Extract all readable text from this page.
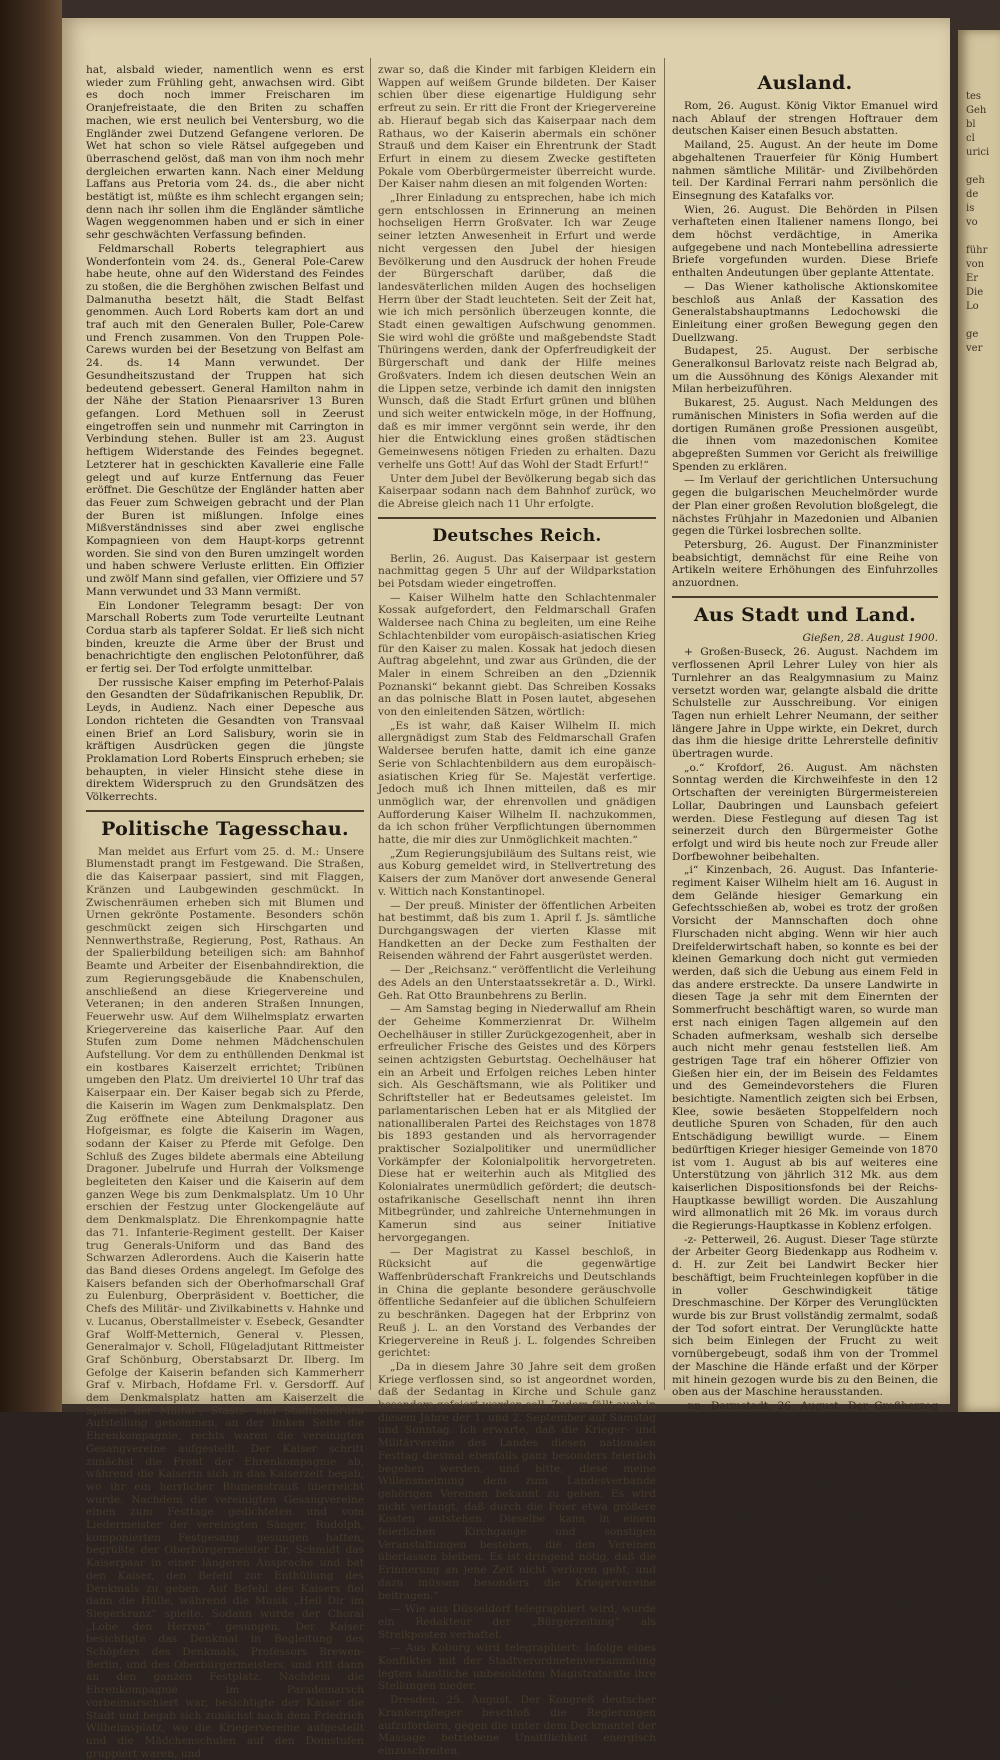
hat, alsbald wieder, namentlich wenn es erst wieder zum Frühling geht, anwachsen wird. Gibt es doch noch immer Freischaren im Oranjefreistaate, die den Briten zu schaffen machen, wie erst neulich bei Ventersburg, wo die Engländer zwei Dutzend Gefangene verloren. De Wet hat schon so viele Rätsel aufgegeben und überraschend gelöst, daß man von ihm noch mehr dergleichen erwarten kann. Nach einer Meldung Laffans aus Pretoria vom 24. ds., die aber nicht bestätigt ist, müßte es ihm schlecht ergangen sein; denn nach ihr sollen ihm die Engländer sämtliche Wagen weggenommen haben und er sich in einer sehr geschwächten Verfassung befinden.

Feldmarschall Roberts telegraphiert aus Wonderfontein vom 24. ds., General Pole-Carew habe heute, ohne auf den Widerstand des Feindes zu stoßen, die die Berghöhen zwischen Belfast und Dalmanutha besetzt hält, die Stadt Belfast genommen. Auch Lord Roberts kam dort an und traf auch mit den Generalen Buller, Pole-Carew und French zusammen. Von den Truppen Pole-Carews wurden bei der Besetzung von Belfast am 24. ds. 14 Mann verwundet. Der Gesundheitszustand der Truppen hat sich bedeutend gebessert. General Hamilton nahm in der Nähe der Station Pienaarsriver 13 Buren gefangen. Lord Methuen soll in Zeerust eingetroffen sein und nunmehr mit Carrington in Verbindung stehen. Buller ist am 23. August heftigem Widerstande des Feindes begegnet. Letzterer hat in geschickten Kavallerie eine Falle gelegt und auf kurze Entfernung das Feuer eröffnet. Die Geschütze der Engländer hatten aber das Feuer zum Schweigen gebracht und der Plan der Buren ist mißlungen. Infolge eines Mißverständnisses sind aber zwei englische Kompagnieen von dem Haupt-korps getrennt worden. Sie sind von den Buren umzingelt worden und haben schwere Verluste erlitten. Ein Offizier und zwölf Mann sind gefallen, vier Offiziere und 57 Mann verwundet und 33 Mann vermißt.

Ein Londoner Telegramm besagt: Der von Marschall Roberts zum Tode verurteilte Leutnant Cordua starb als tapferer Soldat. Er ließ sich nicht binden, kreuzte die Arme über der Brust und benachrichtigte den englischen Pelotonführer, daß er fertig sei. Der Tod erfolgte unmittelbar.

Der russische Kaiser empfing im Peterhof-Palais den Gesandten der Südafrikanischen Republik, Dr. Leyds, in Audienz. Nach einer Depesche aus London richteten die Gesandten von Transvaal einen Brief an Lord Salisbury, worin sie in kräftigen Ausdrücken gegen die jüngste Proklamation Lord Roberts Einspruch erheben; sie behaupten, in vieler Hinsicht stehe diese in direktem Widerspruch zu den Grundsätzen des Völkerrechts.

Politische Tagesschau.

Man meldet aus Erfurt vom 25. d. M.: Unsere Blumenstadt prangt im Festgewand. Die Straßen, die das Kaiserpaar passiert, sind mit Flaggen, Kränzen und Laubgewinden geschmückt. In Zwischenräumen erheben sich mit Blumen und Urnen gekrönte Postamente. Besonders schön geschmückt zeigen sich Hirschgarten und Nennwerthstraße, Regierung, Post, Rathaus. An der Spalierbildung beteiligen sich: am Bahnhof Beamte und Arbeiter der Eisenbahndirektion, die zum Regierungsgebäude die Knabenschulen, anschließend an diese Kriegervereine und Veteranen; in den anderen Straßen Innungen, Feuerwehr usw. Auf dem Wilhelmsplatz erwarten Kriegervereine das kaiserliche Paar. Auf den Stufen zum Dome nehmen Mädchenschulen Aufstellung. Vor dem zu enthüllenden Denkmal ist ein kostbares Kaiserzelt errichtet; Tribünen umgeben den Platz. Um dreiviertel 10 Uhr traf das Kaiserpaar ein. Der Kaiser begab sich zu Pferde, die Kaiserin im Wagen zum Denkmalsplatz. Den Zug eröffnete eine Abteilung Dragoner aus Hofgeismar, es folgte die Kaiserin im Wagen, sodann der Kaiser zu Pferde mit Gefolge. Den Schluß des Zuges bildete abermals eine Abteilung Dragoner. Jubelrufe und Hurrah der Volksmenge begleiteten den Kaiser und die Kaiserin auf dem ganzen Wege bis zum Denkmalsplatz. Um 10 Uhr erschien der Festzug unter Glockengeläute auf dem Denkmalsplatz. Die Ehrenkompagnie hatte das 71. Infanterie-Regiment gestellt. Der Kaiser trug Generals-Uniform und das Band des Schwarzen Adlerordens. Auch die Kaiserin hatte das Band dieses Ordens angelegt. Im Gefolge des Kaisers befanden sich der Oberhofmarschall Graf zu Eulenburg, Oberpräsident v. Boetticher, die Chefs des Militär- und Zivilkabinetts v. Hahnke und v. Lucanus, Oberstallmeister v. Esebeck, Gesandter Graf Wolff-Metternich, General v. Plessen, Generalmajor v. Scholl, Flügeladjutant Rittmeister Graf Schönburg, Oberstabsarzt Dr. Ilberg. Im Gefolge der Kaiserin befanden sich Kammerherr Graf v. Mirbach, Hofdame Frl. v. Gersdorff. Auf dem Denkmalsplatz hatten am Kaiserzelt die Spitzen der Militär-, Staats- und Stadtbehörden Aufstellung genommen, an der linken Seite die Ehrenkompagnie, rechts waren die vereinigten Gesangvereine aufgestellt. Der Kaiser schritt zunächst die Front der Ehrenkompagnie ab, während die Kaiserin sich in das Kaiserzelt begab, wo ihr ein herrlicher Blumenstrauß überreicht wurde. Nachdem die vereinigten Gesangvereine einen zum Festtage gedichteten und vom Liedermeister der vereinigten Sänger, Rudolph, komponierten Festgesang gesungen hatten, begrüßte der Oberbürgermeister Dr. Schmidt das Kaiserpaar in einer längeren Ansprache und bat den Kaiser, den Befehl zur Enthüllung des Denkmals zu geben. Auf Befehl des Kaisers fiel dann die Hülle, während die Musik „Heil Dir im Siegerkranz“ spielte. Sodann wurde der Choral „Lobe den Herren“ gesungen. Der Kaiser besichtigte das Denkmal in Begleitung des Schöpfers des Denkmals, Professors Brewen-Berlin, und des Oberbürgermeisters, und ritt dann an den ganzen Festplatz. Nachdem die Ehrenkompagnie im Parademarsch vorbeimarschiert war, besichtigte der Kaiser die Stadt und begab sich zunächst nach dem Friedrich Wilhelmsplatz, wo die Kriegervereine aufgestellt und die Mädchenschulen auf den Domstufen gruppiert waren, und

zwar so, daß die Kinder mit farbigen Kleidern ein Wappen auf weißem Grunde bildeten. Der Kaiser schien über diese eigenartige Huldigung sehr erfreut zu sein. Er ritt die Front der Kriegervereine ab. Hierauf begab sich das Kaiserpaar nach dem Rathaus, wo der Kaiserin abermals ein schöner Strauß und dem Kaiser ein Ehrentrunk der Stadt Erfurt in einem zu diesem Zwecke gestifteten Pokale vom Oberbürgermeister überreicht wurde. Der Kaiser nahm diesen an mit folgenden Worten:

„Ihrer Einladung zu entsprechen, habe ich mich gern entschlossen in Erinnerung an meinen hochseligen Herrn Großvater. Ich war Zeuge seiner letzten Anwesenheit in Erfurt und werde nicht vergessen den Jubel der hiesigen Bevölkerung und den Ausdruck der hohen Freude der Bürgerschaft darüber, daß die landesväterlichen milden Augen des hochseligen Herrn über der Stadt leuchteten. Seit der Zeit hat, wie ich mich persönlich überzeugen konnte, die Stadt einen gewaltigen Aufschwung genommen. Sie wird wohl die größte und maßgebendste Stadt Thüringens werden, dank der Opferfreudigkeit der Bürgerschaft und dank der Hilfe meines Großvaters. Indem ich diesen deutschen Wein an die Lippen setze, verbinde ich damit den innigsten Wunsch, daß die Stadt Erfurt grünen und blühen und sich weiter entwickeln möge, in der Hoffnung, daß es mir immer vergönnt sein werde, ihr den hier die Entwicklung eines großen städtischen Gemeinwesens nötigen Frieden zu erhalten. Dazu verhelfe uns Gott! Auf das Wohl der Stadt Erfurt!“

Unter dem Jubel der Bevölkerung begab sich das Kaiserpaar sodann nach dem Bahnhof zurück, wo die Abreise gleich nach 11 Uhr erfolgte.

Deutsches Reich.

Berlin, 26. August. Das Kaiserpaar ist gestern nachmittag gegen 5 Uhr auf der Wildparkstation bei Potsdam wieder eingetroffen.

— Kaiser Wilhelm hatte den Schlachtenmaler Kossak aufgefordert, den Feldmarschall Grafen Waldersee nach China zu begleiten, um eine Reihe Schlachtenbilder vom europäisch-asiatischen Krieg für den Kaiser zu malen. Kossak hat jedoch diesen Auftrag abgelehnt, und zwar aus Gründen, die der Maler in einem Schreiben an den „Dziennik Poznanski“ bekannt giebt. Das Schreiben Kossaks an das polnische Blatt in Posen lautet, abgesehen von den einleitenden Sätzen, wörtlich:

„Es ist wahr, daß Kaiser Wilhelm II. mich allergnädigst zum Stab des Feldmarschall Grafen Waldersee berufen hatte, damit ich eine ganze Serie von Schlachtenbildern aus dem europäisch-asiatischen Krieg für Se. Majestät verfertige. Jedoch muß ich Ihnen mitteilen, daß es mir unmöglich war, der ehrenvollen und gnädigen Aufforderung Kaiser Wilhelm II. nachzukommen, da ich schon früher Verpflichtungen übernommen hatte, die mir dies zur Unmöglichkeit machten.“

„Zum Regierungsjubiläum des Sultans reist, wie aus Koburg gemeldet wird, in Stellvertretung des Kaisers der zum Manöver dort anwesende General v. Wittich nach Konstantinopel.

— Der preuß. Minister der öffentlichen Arbeiten hat bestimmt, daß bis zum 1. April f. Js. sämtliche Durchgangswagen der vierten Klasse mit Handketten an der Decke zum Festhalten der Reisenden während der Fahrt ausgerüstet werden.

— Der „Reichsanz.“ veröffentlicht die Verleihung des Adels an den Unterstaatssekretär a. D., Wirkl. Geh. Rat Otto Braunbehrens zu Berlin.

— Am Samstag beging in Niederwalluf am Rhein der Geheime Kommerzienrat Dr. Wilhelm Oechelhäuser in stiller Zurückgezogenheit, aber in erfreulicher Frische des Geistes und des Körpers seinen achtzigsten Geburtstag. Oechelhäuser hat ein an Arbeit und Erfolgen reiches Leben hinter sich. Als Geschäftsmann, wie als Politiker und Schriftsteller hat er Bedeutsames geleistet. Im parlamentarischen Leben hat er als Mitglied der nationalliberalen Partei des Reichstages von 1878 bis 1893 gestanden und als hervorragender praktischer Sozialpolitiker und unermüdlicher Vorkämpfer der Kolonialpolitik hervorgetreten. Diese hat er weiterhin auch als Mitglied des Kolonialrates unermüdlich gefördert; die deutsch-ostafrikanische Gesellschaft nennt ihn ihren Mitbegründer, und zahlreiche Unternehmungen in Kamerun sind aus seiner Initiative hervorgegangen.

— Der Magistrat zu Kassel beschloß, in Rücksicht auf die gegenwärtige Waffenbrüderschaft Frankreichs und Deutschlands in China die geplante besondere geräuschvolle öffentliche Sedanfeier auf die üblichen Schulfeiern zu beschränken. Dagegen hat der Erbprinz von Reuß j. L. an den Vorstand des Verbandes der Kriegervereine in Reuß j. L. folgendes Schreiben gerichtet:

„Da in diesem Jahre 30 Jahre seit dem großen Kriege verflossen sind, so ist angeordnet worden, daß der Sedantag in Kirche und Schule ganz besonders gefeiert werden soll. Zudem fällt auch in diesem Jahre der 1. und 2. September auf Samstag und Sonntag. Ich erwarte, daß die Krieger- und Militärvereine des Landes diesen nationalen Festtag diesmal ebenfalls ganz besonders feierlich begehen werden, und bitte, diese meine Willensmeinung dem zum Landesverbande gehörigen Vereinen bekannt zu geben. Es wird nicht verlangt, daß durch die Feier etwa größere Kosten entstehen. Dieselbe kann in einem feierlichen Kirchgange und sonstigen Veranstaltungen bestehen, die den Vereinen überlassen bleiben. Es ist dringend nötig, daß die Erinnerung an jene Zeit nicht verloren geht, und dazu müssen besonders die Kriegervereine beitragen.“

— Wie aus Düsseldorf telegraphiert wird, wurde ein Redakteur der „Bürgerzeitung“ als Streikposten verhaftet.

— Aus Koburg wird telegraphiert: Infolge eines Konfliktes mit der Stadtverordnetenversammlung legten sämtliche unbesoldeten Magistratsräte ihre Stellungen nieder.

Dresden, 25. August. Der Kongreß deutscher Krankenpfleger beschloß die Regierungen aufzufordern, gegen die unter dem Deckmantel der Massage betriebene Unsittlichkeit energisch einzuschreiten.

Ausland.

Rom, 26. August. König Viktor Emanuel wird nach Ablauf der strengen Hoftrauer dem deutschen Kaiser einen Besuch abstatten.

Mailand, 25. August. An der heute im Dome abgehaltenen Trauerfeier für König Humbert nahmen sämtliche Militär- und Zivilbehörden teil. Der Kardinal Ferrari nahm persönlich die Einsegnung des Katafalks vor.

Wien, 26. August. Die Behörden in Pilsen verhafteten einen Italiener namens Ilongo, bei dem höchst verdächtige, in Amerika aufgegebene und nach Montebellina adressierte Briefe vorgefunden wurden. Diese Briefe enthalten Andeutungen über geplante Attentate.

— Das Wiener katholische Aktionskomitee beschloß aus Anlaß der Kassation des Generalstabshauptmanns Ledochowski die Einleitung einer großen Bewegung gegen den Duellzwang.

Budapest, 25. August. Der serbische Generalkonsul Barlovatz reiste nach Belgrad ab, um die Aussöhnung des Königs Alexander mit Milan herbeizuführen.

Bukarest, 25. August. Nach Meldungen des rumänischen Ministers in Sofia werden auf die dortigen Rumänen große Pressionen ausgeübt, die ihnen vom mazedonischen Komitee abgepreßten Summen vor Gericht als freiwillige Spenden zu erklären.

— Im Verlauf der gerichtlichen Untersuchung gegen die bulgarischen Meuchelmörder wurde der Plan einer großen Revolution bloßgelegt, die nächstes Frühjahr in Mazedonien und Albanien gegen die Türkei losbrechen sollte.

Petersburg, 26. August. Der Finanzminister beabsichtigt, demnächst für eine Reihe von Artikeln weitere Erhöhungen des Einfuhrzolles anzuordnen.

Aus Stadt und Land.
Gießen, 28. August 1900.

+ Großen-Buseck, 26. August. Nachdem im verflossenen April Lehrer Luley von hier als Turnlehrer an das Realgymnasium zu Mainz versetzt worden war, gelangte alsbald die dritte Schulstelle zur Ausschreibung. Vor einigen Tagen nun erhielt Lehrer Neumann, der seither längere Jahre in Uppe wirkte, ein Dekret, durch das ihm die hiesige dritte Lehrerstelle definitiv übertragen wurde.

„o.“ Krofdorf, 26. August. Am nächsten Sonntag werden die Kirchweihfeste in den 12 Ortschaften der vereinigten Bürgermeistereien Lollar, Daubringen und Launsbach gefeiert werden. Diese Festlegung auf diesen Tag ist seinerzeit durch den Bürgermeister Gothe erfolgt und wird bis heute noch zur Freude aller Dorfbewohner beibehalten.

„i“ Kinzenbach, 26. August. Das Infanterie-regiment Kaiser Wilhelm hielt am 16. August in dem Gelände hiesiger Gemarkung ein Gefechtsschießen ab, wobei es trotz der großen Vorsicht der Mannschaften doch ohne Flurschaden nicht abging. Wenn wir hier auch Dreifelderwirtschaft haben, so konnte es bei der kleinen Gemarkung doch nicht gut vermieden werden, daß sich die Uebung aus einem Feld in das andere erstreckte. Da unsere Landwirte in diesen Tage ja sehr mit dem Einernten der Sommerfrucht beschäftigt waren, so wurde man erst nach einigen Tagen allgemein auf den Schaden aufmerksam, weshalb sich derselbe auch nicht mehr genau feststellen ließ. Am gestrigen Tage traf ein höherer Offizier von Gießen hier ein, der im Beisein des Feldamtes und des Gemeindevorstehers die Fluren besichtigte. Namentlich zeigten sich bei Erbsen, Klee, sowie besäeten Stoppelfeldern noch deutliche Spuren von Schaden, für den auch Entschädigung bewilligt wurde. — Einem bedürftigen Krieger hiesiger Gemeinde von 1870 ist vom 1. August ab bis auf weiteres eine Unterstützung von jährlich 312 Mk. aus dem kaiserlichen Dispositionsfonds bei der Reichs-Hauptkasse bewilligt worden. Die Auszahlung wird allmonatlich mit 26 Mk. im voraus durch die Regierungs-Hauptkasse in Koblenz erfolgen.

-z- Petterweil, 26. August. Dieser Tage stürzte der Arbeiter Georg Biedenkapp aus Rodheim v. d. H. zur Zeit bei Landwirt Becker hier beschäftigt, beim Fruchteinlegen kopfüber in die in voller Geschwindigkeit tätige Dreschmaschine. Der Körper des Verunglückten wurde bis zur Brust vollständig zermalmt, sodaß der Tod sofort eintrat. Der Verunglückte hatte sich beim Einlegen der Frucht zu weit vornübergebeugt, sodaß ihm von der Trommel der Maschine die Hände erfaßt und der Körper mit hinein gezogen wurde bis zu den Beinen, die oben aus der Maschine herausstanden.

-nn- Darmstadt, 26. August. Der Großherzog wird morgen vormittag nach Jagdschloß Oberhof, das bei Gotha im Thüringerwald zwischen großen Tannenwaldungen liegt und Eigentum der Herzoglichen Familie in Koburg ist und wo auch die Herzogin-Witwe und die Großherzogin Viktoria Melitta einige Zeit Aufenthalt genommen haben, abreisen. Oberhof liegt ca. 800 Mtr. über dem Meeresspiegel und ist auch klimatischer Luftkurort. Der Großherzog wird in den ausgedehnten Waldungen auch einige Tage der Jagd obliegen und am Freitagmittag ab Erfurt nach Berlin abreisen, um, einer Einladung des Kaisers folgend, an der am Samstag dort stattfindenden großen Herbstparade teilzunehmen. Das Gefolge, bestehend aus Generaladjutant Oberst Frhr. v. Grancy, den Flügeladjutanten Major Frhr. Röder v. Diersburg und Rittmeister Krämer, sowie Oberstallmeister Major v. Riedesel, wird am Donnerstag von hier abreisen, in Erfurt übernachten und sich am Freitagmittag dort dem Großherzog zur Fahrt nach Berlin anschließen. Die Leibpferde des Großherzogs werden voraussichtlich am Mittwoch unter entsprechender Begleitung nach Berlin transportiert. Die Rückreise erfolgt am Mon-

tes
Geh
bl
cl
urici

geh
de
is
vo

führ
von
Er
Die
Lo

ge
ver
